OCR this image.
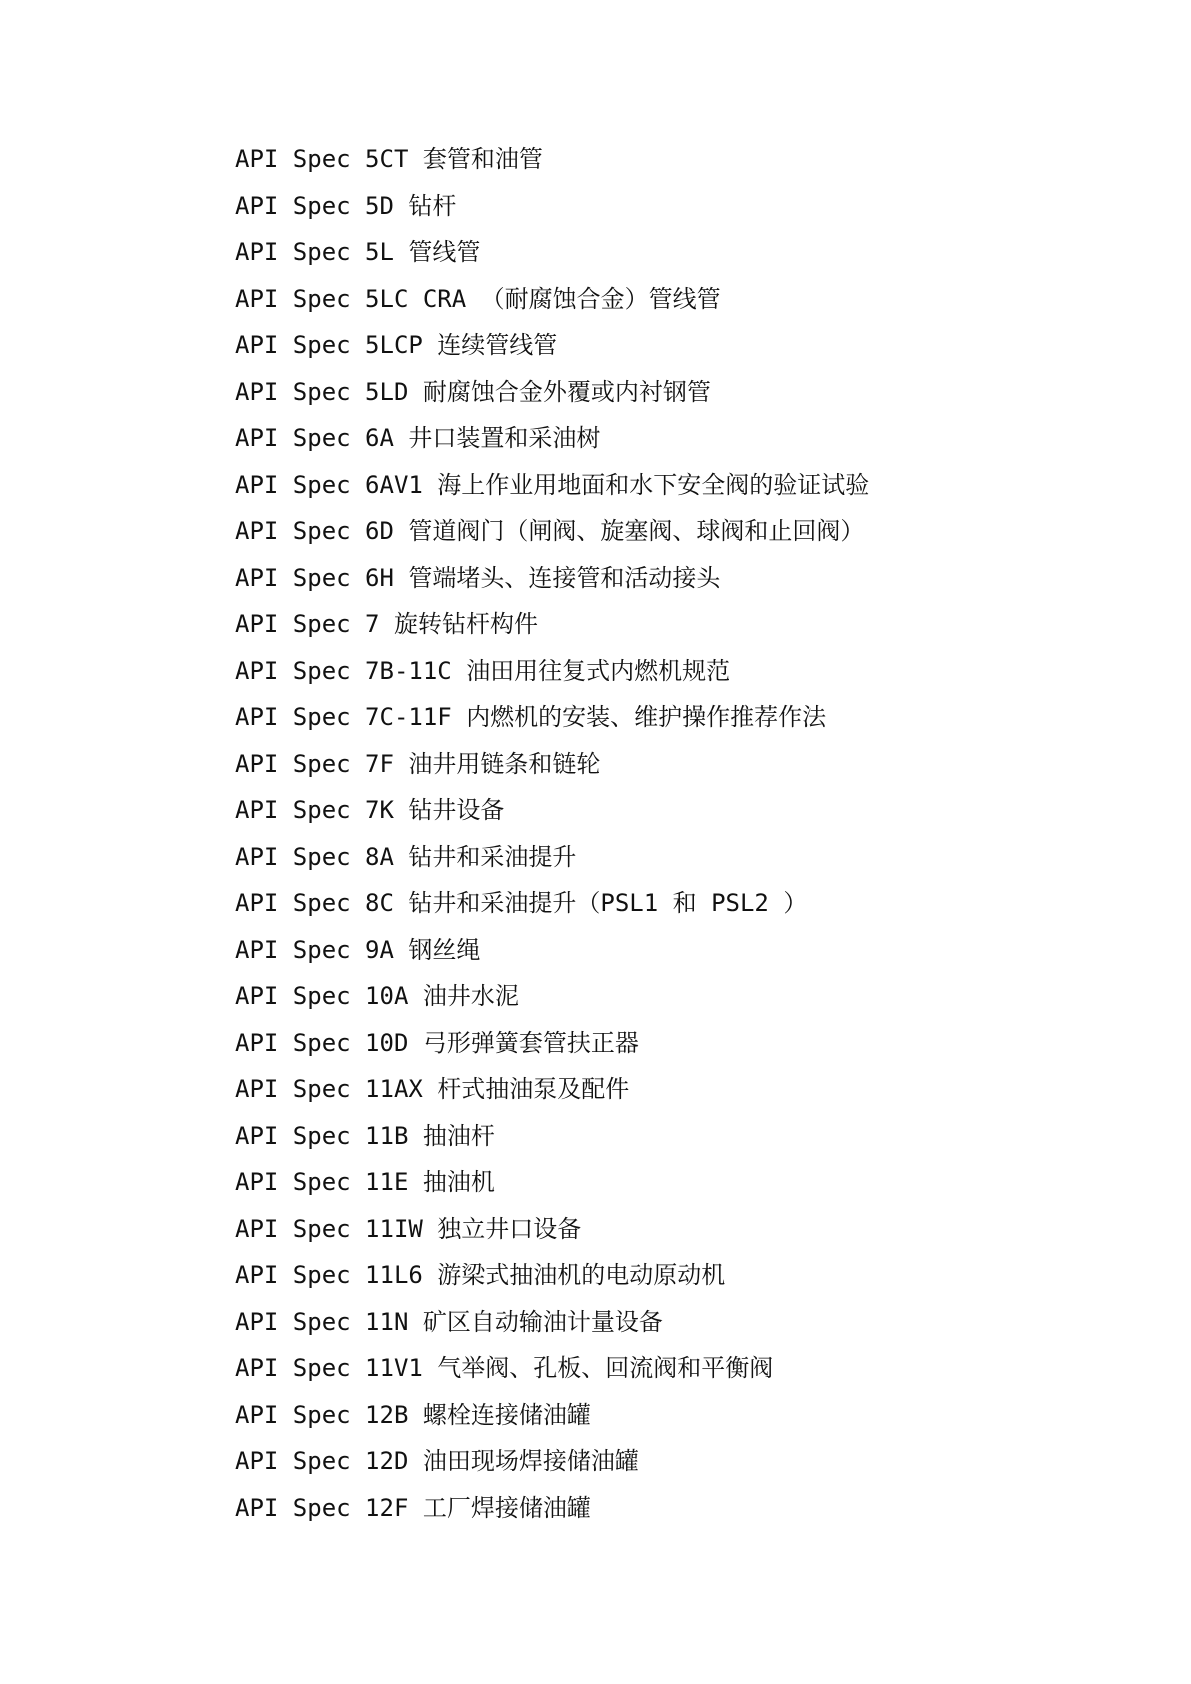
API Spec 5CT 套管和油管
API Spec 5D 钻杆
API Spec 5L 管线管
API Spec 5LC CRA （耐腐蚀合金）管线管
API Spec 5LCP 连续管线管
API Spec 5LD 耐腐蚀合金外覆或内衬钢管
API Spec 6A 井口装置和采油树
API Spec 6AV1 海上作业用地面和水下安全阀的验证试验
API Spec 6D 管道阀门（闸阀、旋塞阀、球阀和止回阀）
API Spec 6H 管端堵头、连接管和活动接头
API Spec 7 旋转钻杆构件
API Spec 7B-11C 油田用往复式内燃机规范
API Spec 7C-11F 内燃机的安装、维护操作推荐作法
API Spec 7F 油井用链条和链轮
API Spec 7K 钻井设备
API Spec 8A 钻井和采油提升
API Spec 8C 钻井和采油提升（PSL1 和 PSL2 ）
API Spec 9A 钢丝绳
API Spec 10A 油井水泥
API Spec 10D 弓形弹簧套管扶正器
API Spec 11AX 杆式抽油泵及配件
API Spec 11B 抽油杆
API Spec 11E 抽油机
API Spec 11IW 独立井口设备
API Spec 11L6 游梁式抽油机的电动原动机
API Spec 11N 矿区自动输油计量设备
API Spec 11V1 气举阀、孔板、回流阀和平衡阀
API Spec 12B 螺栓连接储油罐
API Spec 12D 油田现场焊接储油罐
API Spec 12F 工厂焊接储油罐
